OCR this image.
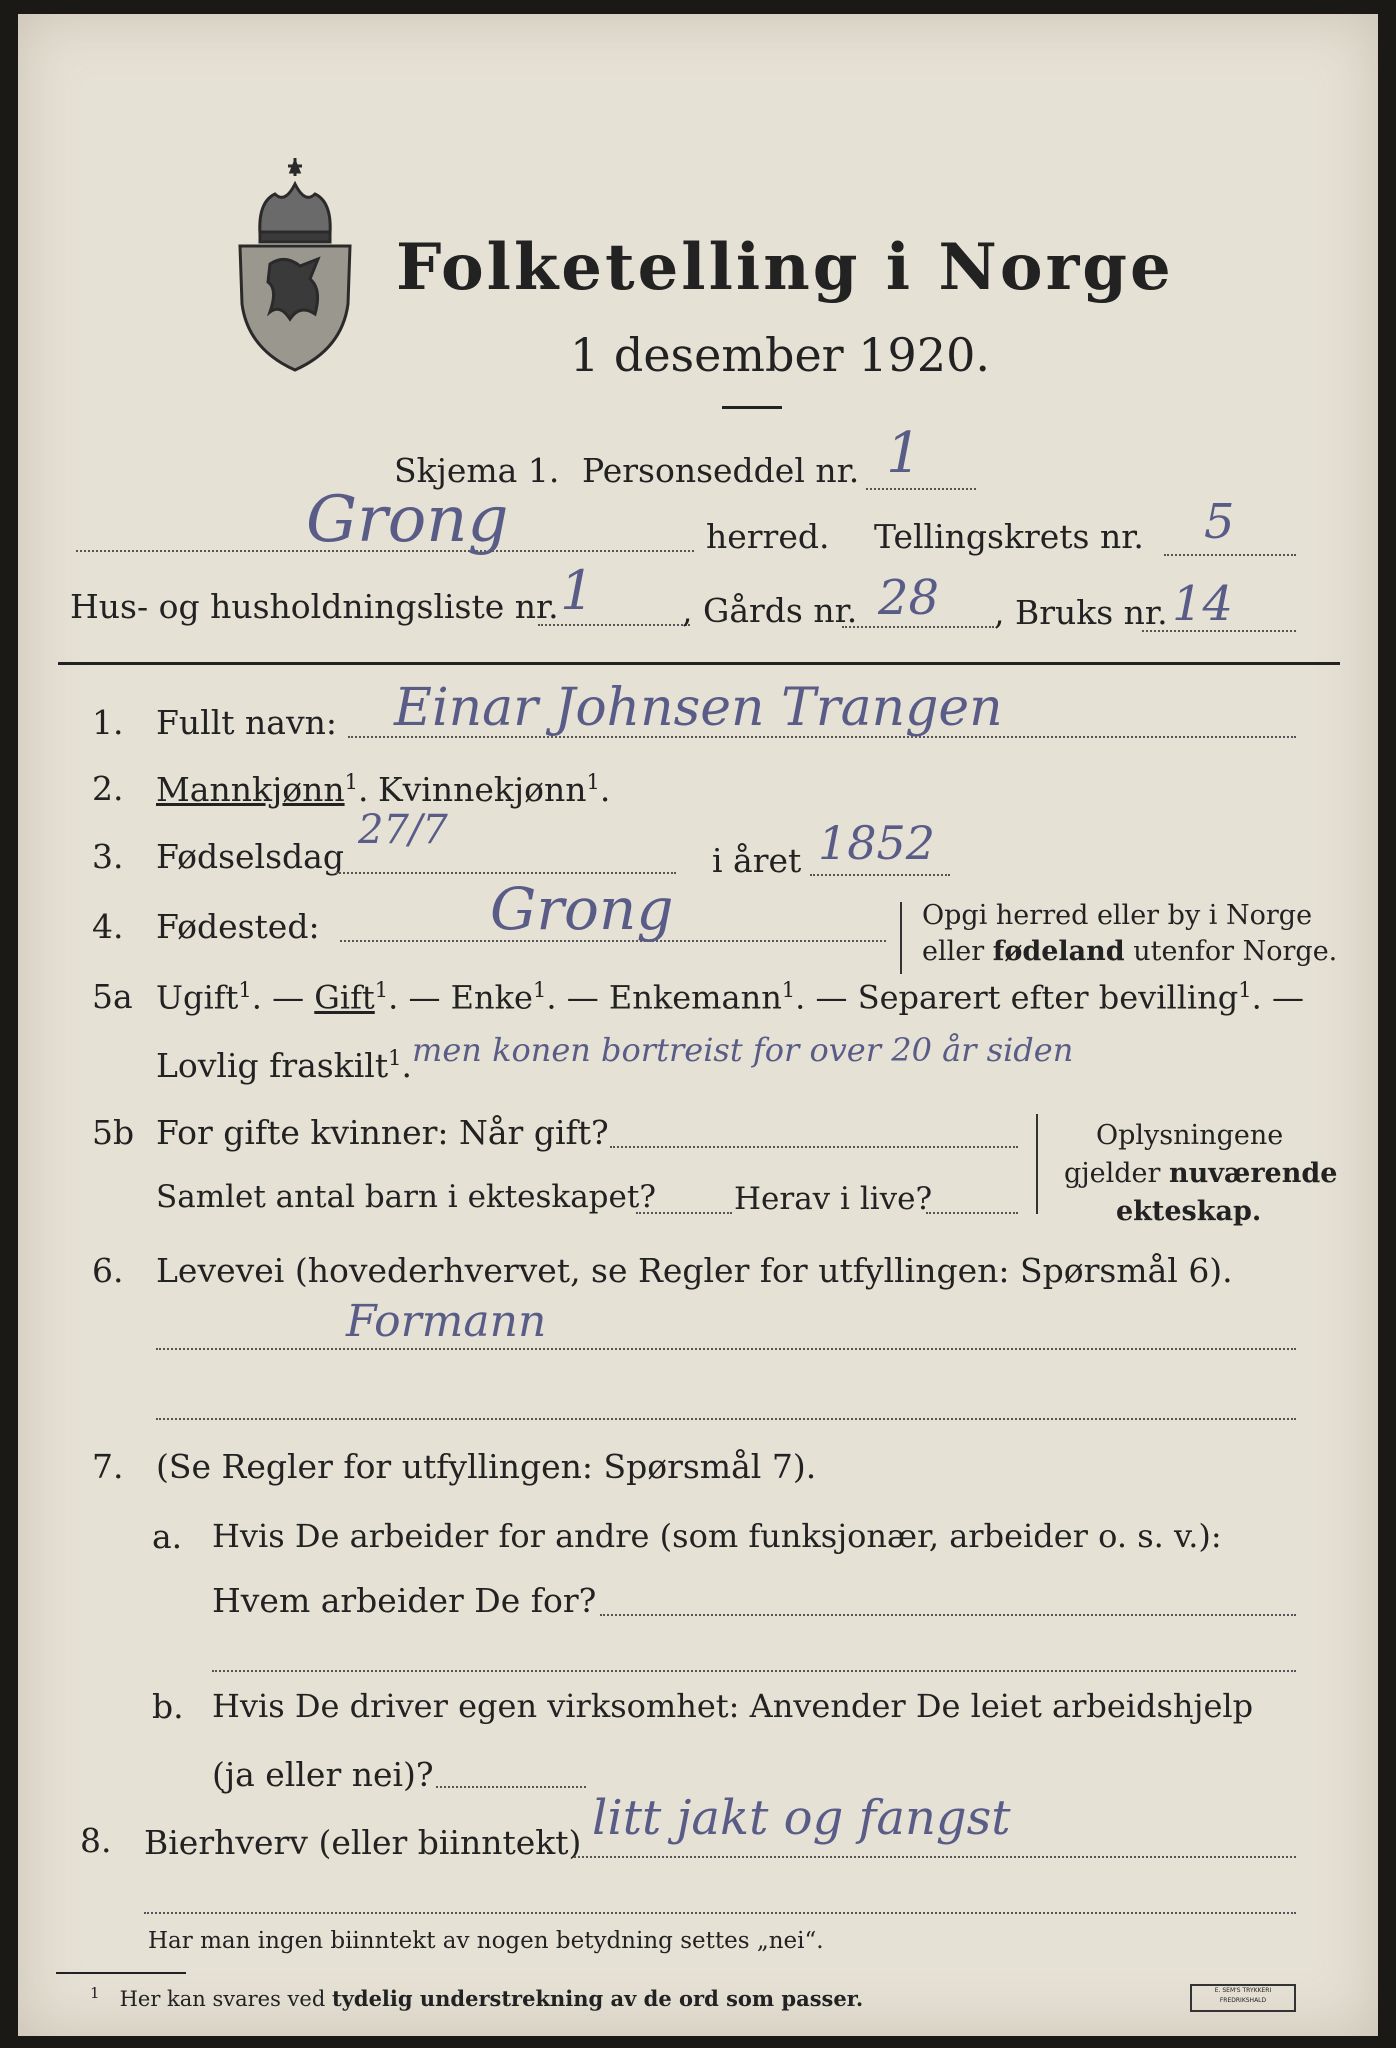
Folketelling i Norge
1 desember 1920.
Skjema 1. Personseddel nr. 1
Grong	herred. Tellingskrets nr. 5
Hus- og husholdningsliste nr. 1	, Gårds nr. 28 , Bruks nr. 14
1. Fullt navn: Einar Johnsen Trangen
2. Mannkjønn$^1$. Kvinnekjønn$^1$.
3. Fødselsdag
27/7
i året 1852
4. Fødested:	Grong	Opgi herred eller by i Norge
eller fødeland utenfor Norge.
5a Ugift$^1$. — Gift$^1$. — Enke$^1$. — Enkemann$^1$. — Separert efter bevilling$^1$. —
Lovlig fraskilt$^1$. men konen bortreist for over 20 år siden
5b For gifte kvinner: Når gift?
Samlet antal barn i ekteskapet?	Herav i live?
Oplysningene
gjelder nuværende
ekteskap.
6. Levevei (hovederhvervet, se Regler for utfyllingen: Spørsmål 6).
Formann
7. (Se Regler for utfyllingen: Spørsmål 7).
a. Hvis De arbeider for andre (som funksjonær, arbeider o. s. v.):
Hvem arbeider De for?
b. Hvis De driver egen virksomhet: Anvender De leiet arbeidshjelp
(ja eller nei)?
8. Bierhverv (eller biinntekt) litt jakt og fangst
Har man ingen biinntekt av nogen betydning settes „nei“.
$^1$ Her kan svares ved tydelig understrekning av de ord som passer.	E. SEM'S TRYKKERI FREDRIKSHALD
